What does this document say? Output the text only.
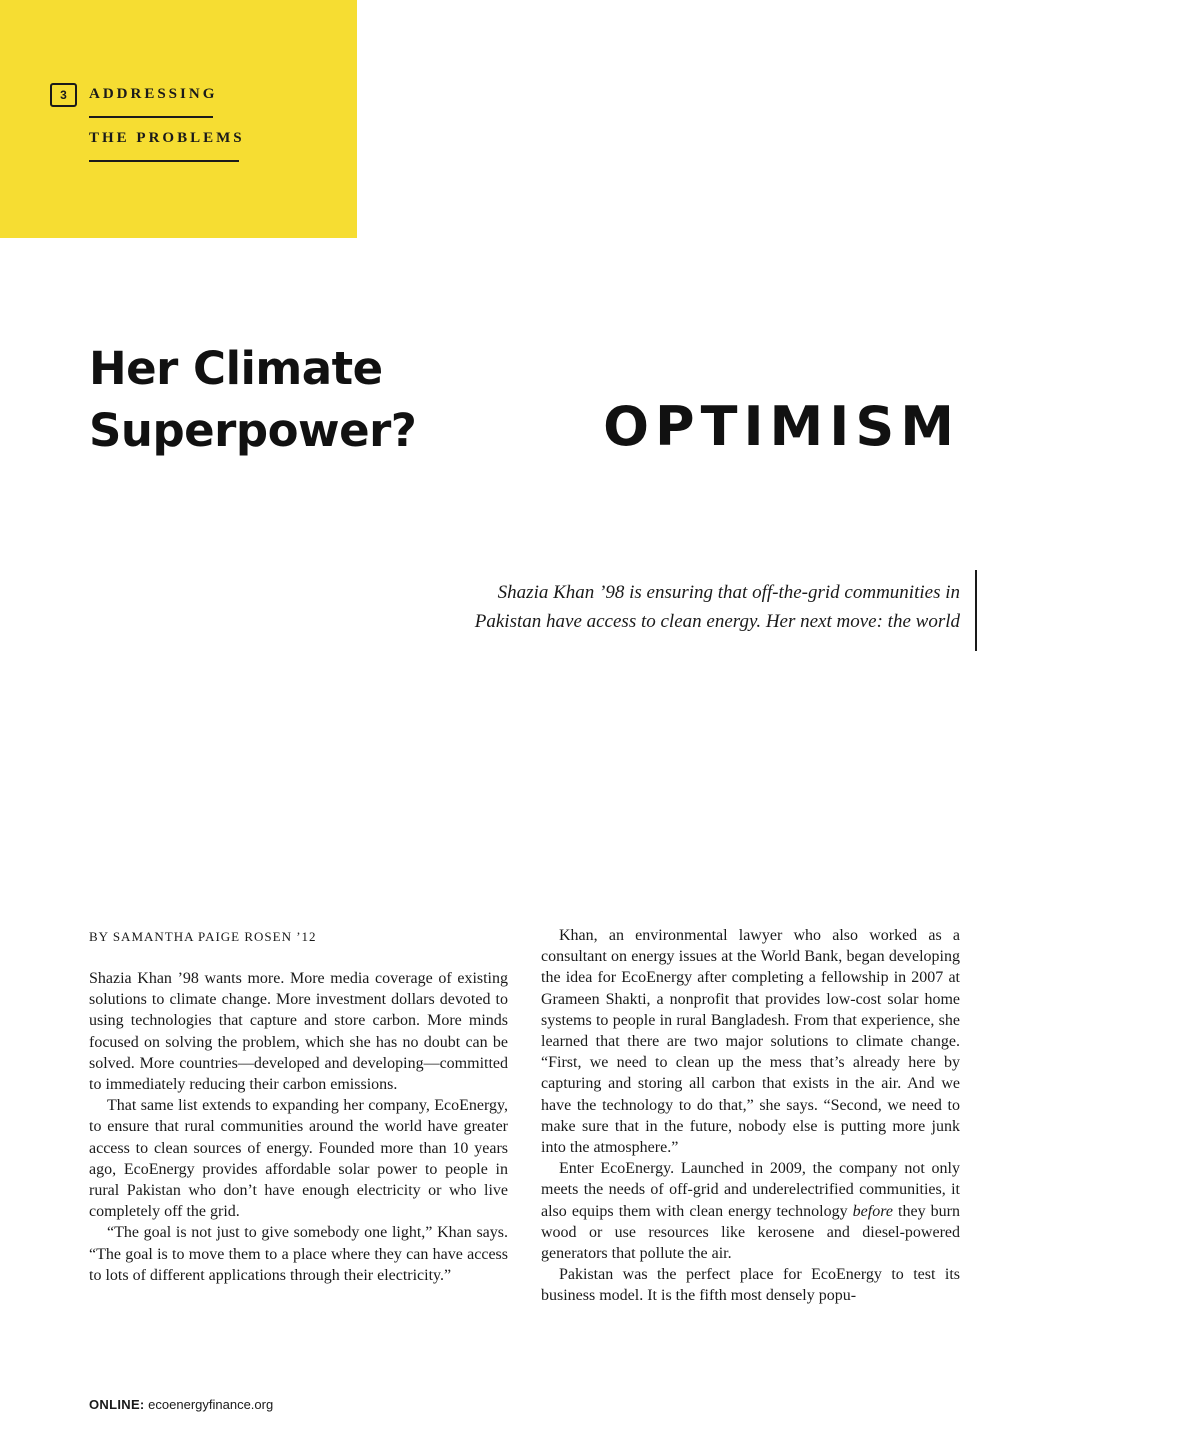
3	ADDRESSING
THE PROBLEMS
Her Climate
Superpower?	OPTIMISM

Shazia Khan ’98 is ensuring that off-the-grid communities in
Pakistan have access to clean energy. Her next move: the world

BY SAMANTHA PAIGE ROSEN ’12

Shazia Khan ’98 wants more. More media coverage of existing solutions to climate change. More investment dollars devoted to using technologies that capture and store carbon. More minds focused on solving the problem, which she has no doubt can be solved. More countries—developed and developing—committed to immediately reducing their carbon emissions.

That same list extends to expanding her company, EcoEnergy, to ensure that rural communities around the world have greater access to clean sources of energy. Founded more than 10 years ago, EcoEnergy provides affordable solar power to people in rural Pakistan who don’t have enough electricity or who live completely off the grid.

“The goal is not just to give somebody one light,” Khan says. “The goal is to move them to a place where they can have access to lots of different applications through their electricity.”

Khan, an environmental lawyer who also worked as a consultant on energy issues at the World Bank, began developing the idea for EcoEnergy after completing a fellowship in 2007 at Grameen Shakti, a nonprofit that provides low-cost solar home systems to people in rural Bangladesh. From that experience, she learned that there are two major solutions to climate change. “First, we need to clean up the mess that’s already here by capturing and storing all carbon that exists in the air. And we have the technology to do that,” she says. “Second, we need to make sure that in the future, nobody else is putting more junk into the atmosphere.”

Enter EcoEnergy. Launched in 2009, the company not only meets the needs of off-grid and underelectrified communities, it also equips them with clean energy technology before they burn wood or use resources like kerosene and diesel-powered generators that pollute the air.

Pakistan was the perfect place for EcoEnergy to test its business model. It is the fifth most densely popu-

ONLINE: ecoenergyfinance.org
